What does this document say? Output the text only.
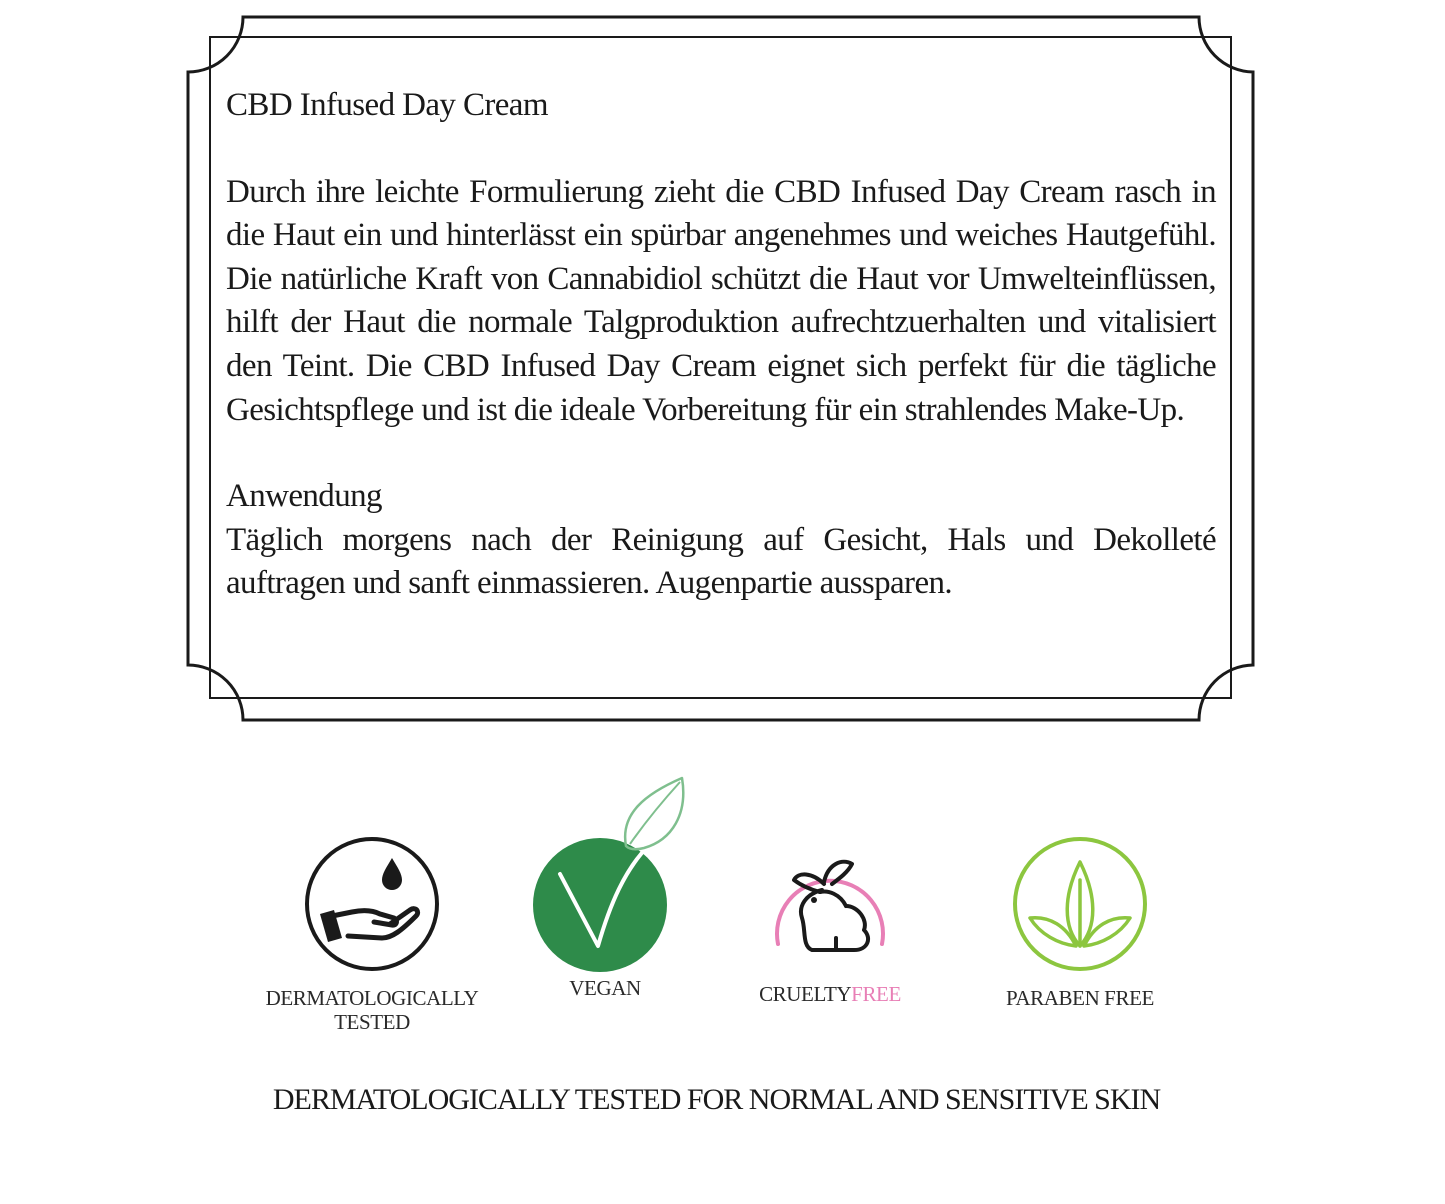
CBD Infused Day Cream

Durch ihre leichte Formulierung zieht die CBD Infused Day Cream rasch in die Haut ein und hinterlässt ein spürbar angenehmes und weiches Hautgefühl. Die natürliche Kraft von Cannabidiol schützt die Haut vor Umwelteinflüssen, hilft der Haut die normale Talgproduktion aufrechtzuerhalten und vitalisiert den Teint. Die CBD Infused Day Cream eignet sich perfekt für die tägliche Gesichtspflege und ist die ideale Vorbereitung für ein strahlendes Make-Up.

Anwendung

Täglich morgens nach der Reinigung auf Gesicht, Hals und Dekolleté auftragen und sanft einmassieren. Augenpartie aussparen.

DERMATOLOGICALLY
TESTED
VEGAN	CRUELTYFREE	PARABEN FREE
DERMATOLOGICALLY TESTED FOR NORMAL AND SENSITIVE SKIN
